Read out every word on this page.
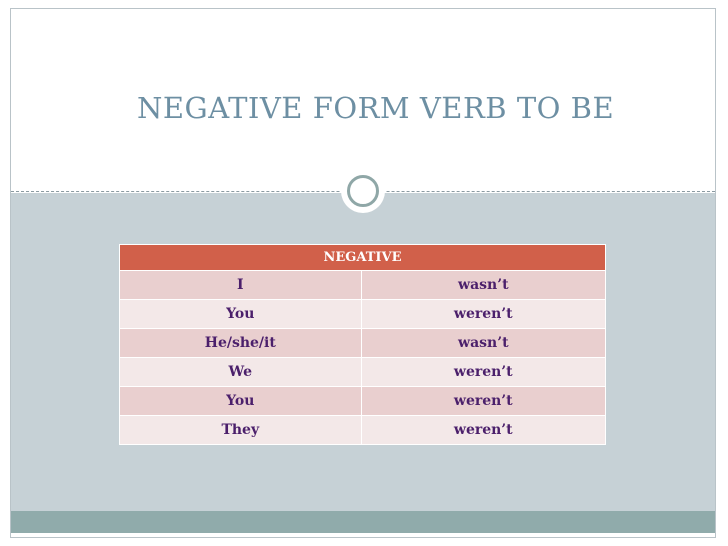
NEGATIVE FORM VERB TO BE
NEGATIVE	
I	wasn’t
You	weren’t
He/she/it	wasn’t
We	weren’t
You	weren’t
They	weren’t
